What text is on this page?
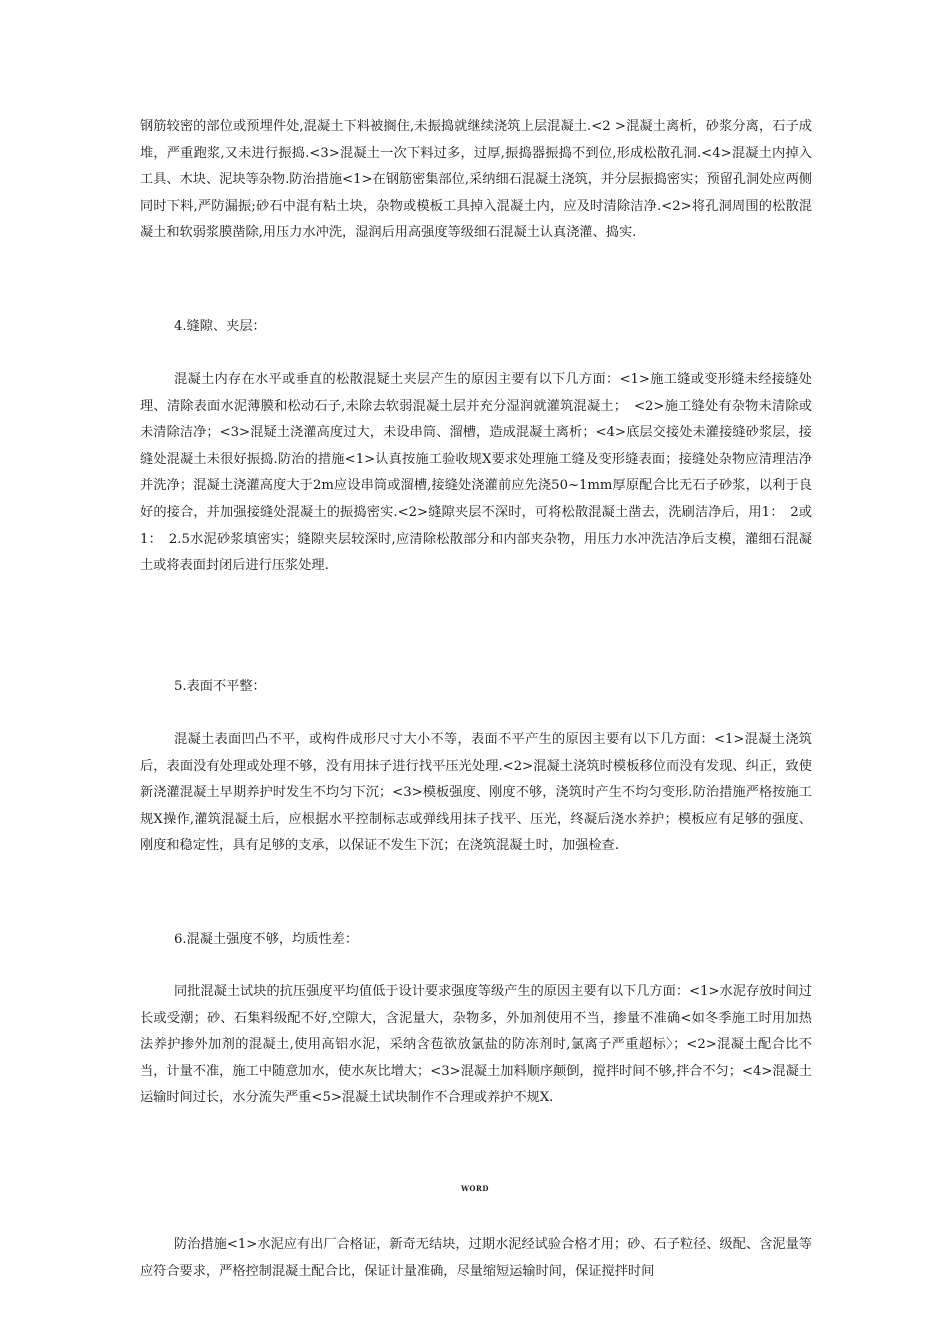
钢筋较密的部位或预埋件处,混凝土下料被搁住,未振捣就继续浇筑上层混凝土.<2 >混凝土离析，砂浆分离，石子成堆，严重跑浆,又未进行振捣.<3>混凝土一次下料过多，过厚,振捣器振捣不到位,形成松散孔洞.<4>混凝土内掉入工具、木块、泥块等杂物.防治措施<1>在钢筋密集部位,采纳细石混凝土浇筑，并分层振捣密实；预留孔洞处应两侧同时下料,严防漏振;砂石中混有粘土块，杂物或模板工具掉入混凝土内，应及时清除洁净.<2>将孔洞周围的松散混凝土和软弱浆膜凿除,用压力水冲洗，湿润后用高强度等级细石混凝土认真浇灌、捣实.

4.缝隙、夹层：

混凝土内存在水平或垂直的松散混疑土夹层产生的原因主要有以下几方面：<1>施工缝或变形缝未经接缝处理、清除表面水泥薄膜和松动石子,未除去软弱混凝土层并充分湿润就灌筑混凝土；　<2>施工缝处有杂物未清除或未清除洁净；<3>混疑土浇灌高度过大，未设串筒、溜槽，造成混凝土离析；<4>底层交接处未灌接缝砂浆层，接缝处混凝土未很好振捣.防治的措施<1>认真按施工验收规X要求处理施工缝及变形缝表面；接缝处杂物应清理洁净并洗净；混凝土浇灌高度大于2m应设串筒或溜槽,接缝处浇灌前应先浇50~1mm厚原配合比无石子砂浆，以利于良好的接合，并加强接缝处混凝土的振捣密实.<2>缝隙夹层不深时，可将松散混凝土凿去，洗刷洁净后，用1：　2或1：　2.5水泥砂浆填密实；缝隙夹层较深时,应清除松散部分和内部夹杂物，用压力水冲洗洁净后支模，灌细石混凝土或将表面封闭后进行压浆处理.

5.表面不平整：

混凝土表面凹凸不平，或构件成形尺寸大小不等，表面不平产生的原因主要有以下几方面：<1>混凝土浇筑后，表面没有处理或处理不够，没有用抹子进行找平压光处理.<2>混凝土浇筑时模板移位而没有发现、纠正，致使新浇灌混凝土早期养护时发生不均匀下沉；<3>模板强度、刚度不够，浇筑时产生不均匀变形.防治措施严格按施工规X操作,灌筑混凝土后，应根据水平控制标志或弹线用抹子找平、压光，终凝后浇水养护；模板应有足够的强度、刚度和稳定性，具有足够的支承，以保证不发生下沉；在浇筑混凝土时，加强检查.

6.混凝土强度不够，均质性差：

同批混凝土试块的抗压强度平均值低于设计要求强度等级产生的原因主要有以下几方面：<1>水泥存放时间过长或受潮；砂、石集料级配不好,空隙大，含泥量大，杂物多，外加剂使用不当，掺量不准确<如冬季施工时用加热法养护掺外加剂的混凝土,使用高铝水泥，采纳含苞欲放氯盐的防冻剂时,氯离子严重超标〉；<2>混凝土配合比不当，计量不准，施工中随意加水，使水灰比增大；<3>混凝土加料顺序颠倒，搅拌时间不够,拌合不匀；<4>混凝土运输时间过长，水分流失严重<5>混凝土试块制作不合理或养护不规X.

WORD

防治措施<1>水泥应有出厂合格证，新奇无结块，过期水泥经试验合格才用；砂、石子粒径、级配、含泥量等应符合要求，严格控制混凝土配合比，保证计量准确，尽量缩短运输时间，保证搅拌时间
